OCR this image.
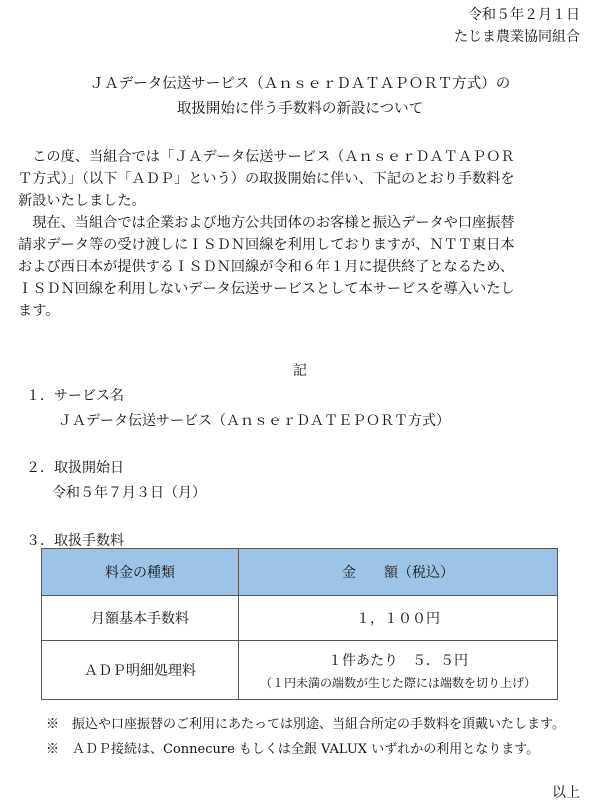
令和５年２月１日
たじま農業協同組合
ＪＡデータ伝送サービス（ＡｎｓｅｒＤＡＴＡＰＯＲＴ方式）の
取扱開始に伴う手数料の新設について
　この度、当組合では「ＪＡデータ伝送サービス（ＡｎｓｅｒＤＡＴＡＰＯＲ
Ｔ方式）」（以下「ＡＤＰ」という）の取扱開始に伴い、下記のとおり手数料を
新設いたしました。
　現在、当組合では企業および地方公共団体のお客様と振込データや口座振替
請求データ等の受け渡しにＩＳＤＮ回線を利用しておりますが、ＮＴＴ東日本
および西日本が提供するＩＳＤＮ回線が令和６年１月に提供終了となるため、
ＩＳＤＮ回線を利用しないデータ伝送サービスとして本サービスを導入いたし
ます。
記
１．サービス名
ＪＡデータ伝送サービス（ＡｎｓｅｒＤＡＴＥＰＯＲＴ方式）
２．取扱開始日
令和５年７月３日（月）
３．取扱手数料
料金の種類	金　　額（税込）
月額基本手数料	１，１００円
ＡＤＰ明細処理料	１件あたり　５．５円
（１円未満の端数が生じた際には端数を切り上げ）
※　振込や口座振替のご利用にあたっては別途、当組合所定の手数料を頂戴いたします。
※　ＡＤＰ接続は、Connecure もしくは全銀 VALUX いずれかの利用となります。
以上
